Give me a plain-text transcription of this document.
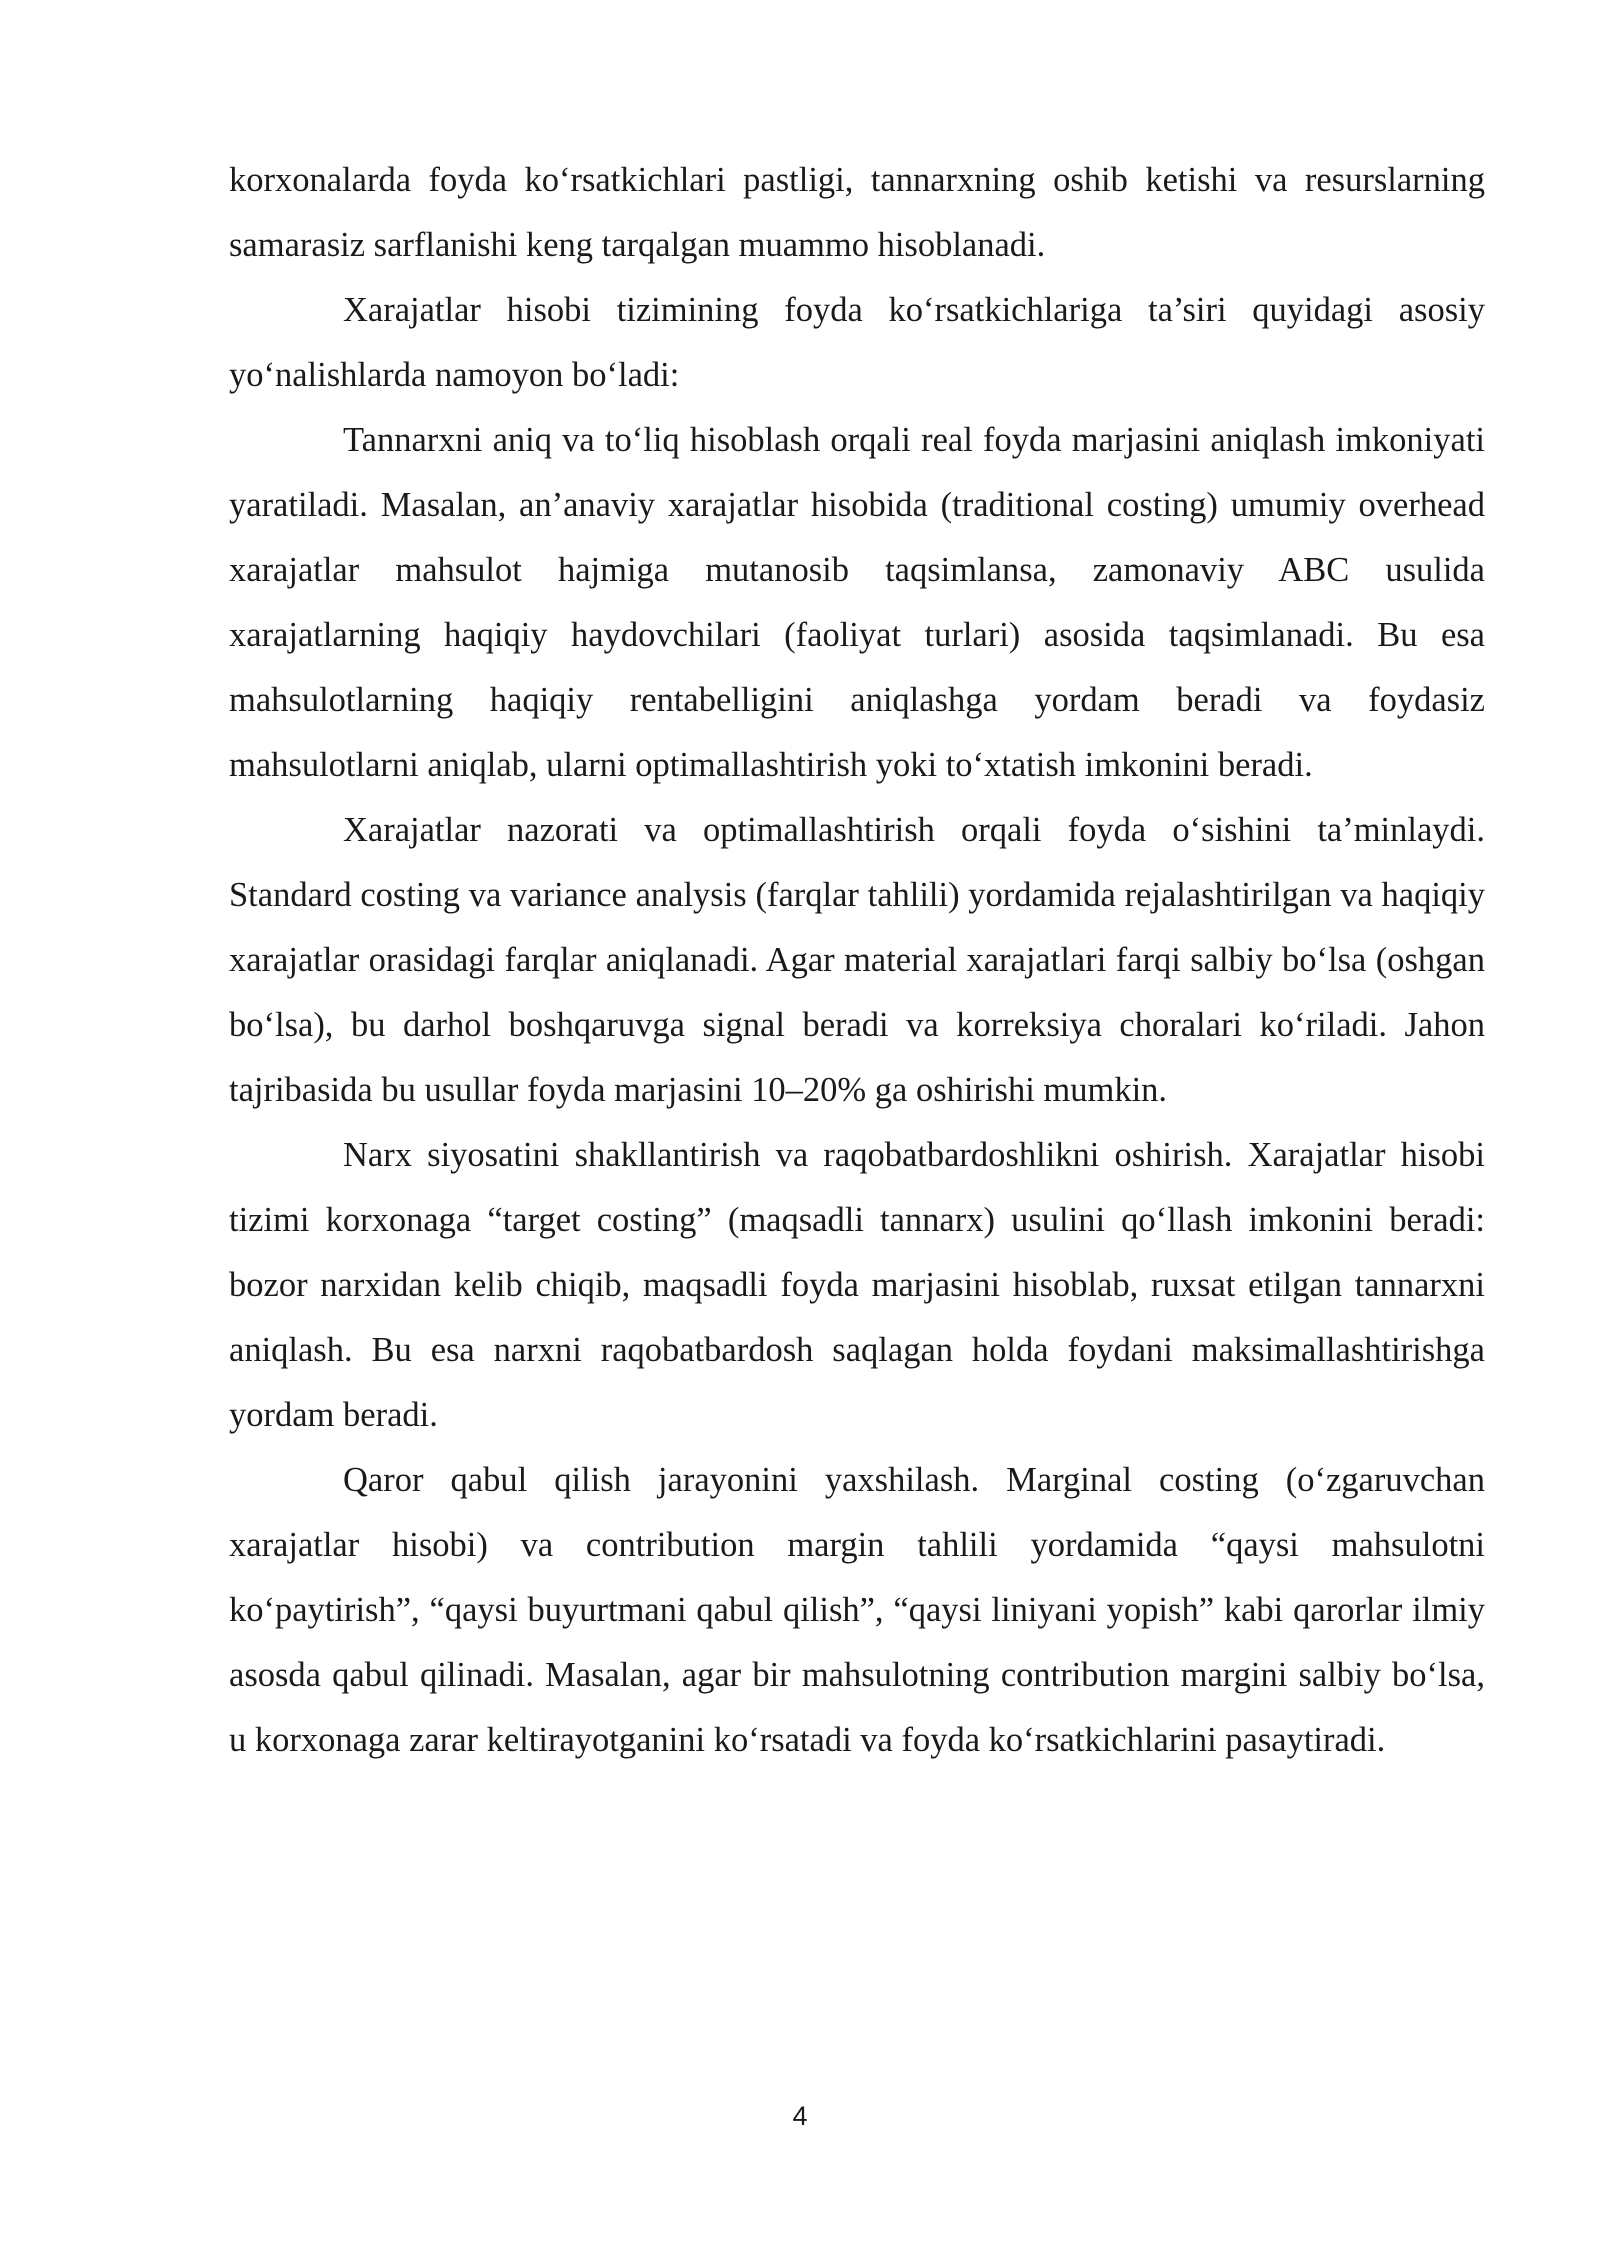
korxonalarda foyda ko‘rsatkichlari pastligi, tannarxning oshib ketishi va resurslarning samarasiz sarflanishi keng tarqalgan muammo hisoblanadi.

Xarajatlar hisobi tizimining foyda ko‘rsatkichlariga ta’siri quyidagi asosiy yo‘nalishlarda namoyon bo‘ladi:

Tannarxni aniq va to‘liq hisoblash orqali real foyda marjasini aniqlash imkoniyati yaratiladi. Masalan, an’anaviy xarajatlar hisobida (traditional costing) umumiy overhead xarajatlar mahsulot hajmiga mutanosib taqsimlansa, zamonaviy ABC usulida xarajatlarning haqiqiy haydovchilari (faoliyat turlari) asosida taqsimlanadi. Bu esa mahsulotlarning haqiqiy rentabelligini aniqlashga yordam beradi va foydasiz mahsulotlarni aniqlab, ularni optimallashtirish yoki to‘xtatish imkonini beradi.

Xarajatlar nazorati va optimallashtirish orqali foyda o‘sishini ta’minlaydi. Standard costing va variance analysis (farqlar tahlili) yordamida rejalashtirilgan va haqiqiy xarajatlar orasidagi farqlar aniqlanadi. Agar material xarajatlari farqi salbiy bo‘lsa (oshgan bo‘lsa), bu darhol boshqaruvga signal beradi va korreksiya choralari ko‘riladi. Jahon tajribasida bu usullar foyda marjasini 10–20% ga oshirishi mumkin.

Narx siyosatini shakllantirish va raqobatbardoshlikni oshirish. Xarajatlar hisobi tizimi korxonaga “target costing” (maqsadli tannarx) usulini qo‘llash imkonini beradi: bozor narxidan kelib chiqib, maqsadli foyda marjasini hisoblab, ruxsat etilgan tannarxni aniqlash. Bu esa narxni raqobatbardosh saqlagan holda foydani maksimallashtirishga yordam beradi.

Qaror qabul qilish jarayonini yaxshilash. Marginal costing (o‘zgaruvchan xarajatlar hisobi) va contribution margin tahlili yordamida “qaysi mahsulotni ko‘paytirish”, “qaysi buyurtmani qabul qilish”, “qaysi liniyani yopish” kabi qarorlar ilmiy asosda qabul qilinadi. Masalan, agar bir mahsulotning contribution margini salbiy bo‘lsa, u korxonaga zarar keltirayotganini ko‘rsatadi va foyda ko‘rsatkichlarini pasaytiradi.

4
